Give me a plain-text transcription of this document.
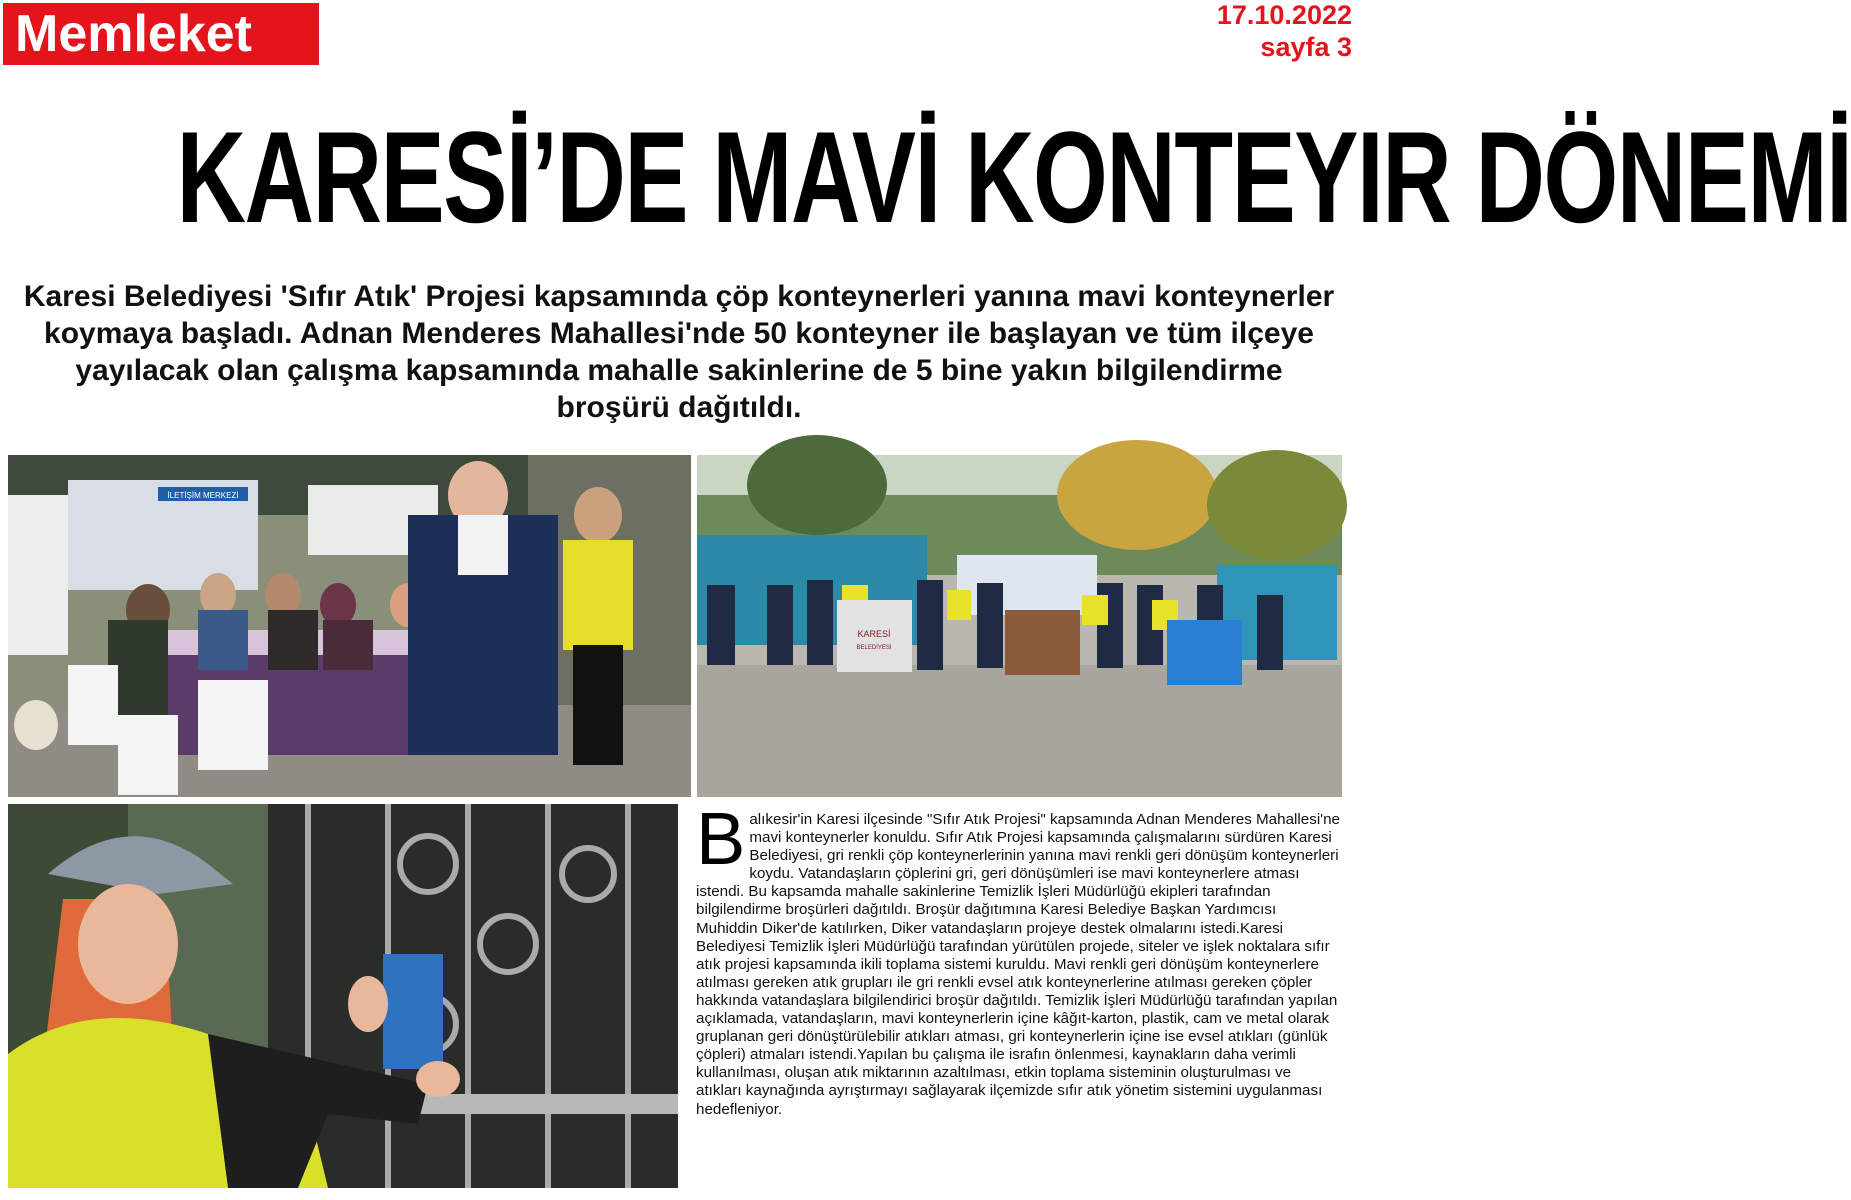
Memleket	17.10.2022
sayfa 3
KARESİ’DE MAVİ KONTEYIR DÖNEMİ
Karesi Belediyesi 'Sıfır Atık' Projesi kapsamında çöp konteynerleri yanına mavi konteynerler koymaya başladı. Adnan Menderes Mahallesi'nde 50 konteyner ile başlayan ve tüm ilçeye yayılacak olan çalışma kapsamında mahalle sakinlerine de 5 bine yakın bilgilendirme broşürü dağıtıldı.
İLETİŞİM MERKEZİ
KARESİ
BELEDİYESİ
Balıkesir'in Karesi ilçesinde "Sıfır Atık Projesi" kapsamında Adnan Menderes Mahallesi'ne mavi konteynerler konuldu. Sıfır Atık Projesi kapsamında çalışmalarını sürdüren Karesi Belediyesi, gri renkli çöp konteynerlerinin yanına mavi renkli geri dönüşüm konteynerleri koydu. Vatandaşların çöplerini gri, geri dönüşümleri ise mavi konteynerlere atması istendi. Bu kapsamda mahalle sakinlerine Temizlik İşleri Müdürlüğü ekipleri tarafından bilgilendirme broşürleri dağıtıldı. Broşür dağıtımına Karesi Belediye Başkan Yardımcısı Muhiddin Diker'de katılırken, Diker vatandaşların projeye destek olmalarını istedi.Karesi Belediyesi Temizlik İşleri Müdürlüğü tarafından yürütülen projede, siteler ve işlek noktalara sıfır atık projesi kapsamında ikili toplama sistemi kuruldu. Mavi renkli geri dönüşüm konteynerlere atılması gereken atık grupları ile gri renkli evsel atık konteynerlerine atılması gereken çöpler hakkında vatandaşlara bilgilendirici broşür dağıtıldı. Temizlik İşleri Müdürlüğü tarafından yapılan açıklamada, vatandaşların, mavi konteynerlerin içine kâğıt-karton, plastik, cam ve metal olarak gruplanan geri dönüştürülebilir atıkları atması, gri konteynerlerin içine ise evsel atıkları (günlük çöpleri) atmaları istendi.Yapılan bu çalışma ile israfın önlenmesi, kaynakların daha verimli kullanılması, oluşan atık miktarının azaltılması, etkin toplama sisteminin oluşturulması ve atıkları kaynağında ayrıştırmayı sağlayarak ilçemizde sıfır atık yönetim sistemini uygulanması hedefleniyor.
